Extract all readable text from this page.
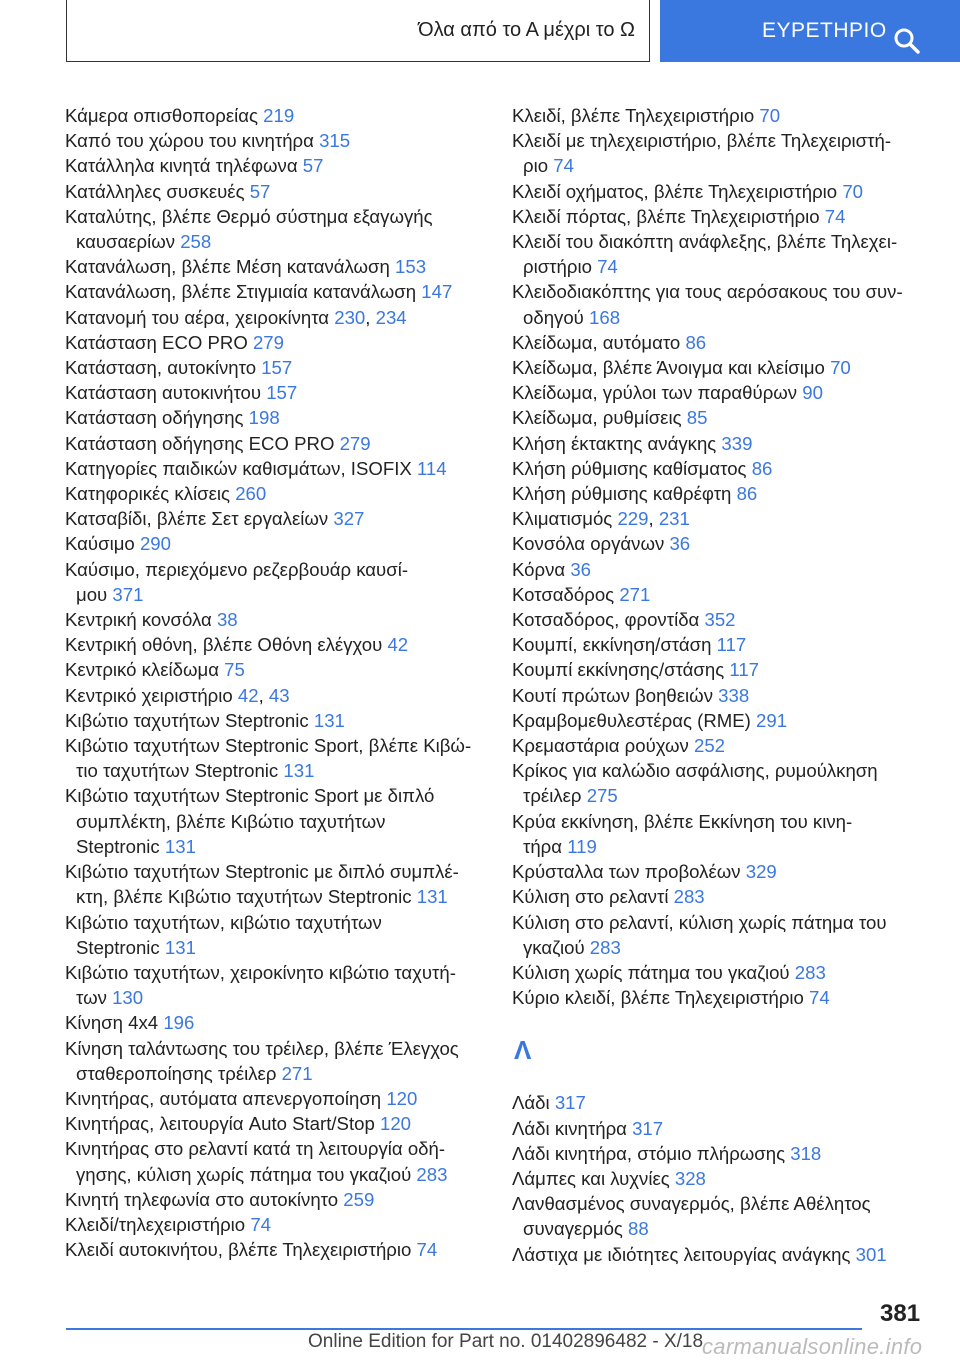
Όλα από το Α μέχρι το Ω	ΕΥΡΕΤΗΡΙΟ
Κάμερα οπισθοπορείας 219
Καπό του χώρου του κινητήρα 315
Κατάλληλα κινητά τηλέφωνα 57
Κατάλληλες συσκευές 57
Καταλύτης, βλέπε Θερμό σύστημα εξαγωγής
καυσαερίων 258
Κατανάλωση, βλέπε Μέση κατανάλωση 153
Κατανάλωση, βλέπε Στιγμιαία κατανάλωση 147
Κατανομή του αέρα, χειροκίνητα 230, 234
Κατάσταση ECO PRO 279
Κατάσταση, αυτοκίνητο 157
Κατάσταση αυτοκινήτου 157
Κατάσταση οδήγησης 198
Κατάσταση οδήγησης ECO PRO 279
Κατηγορίες παιδικών καθισμάτων, ISOFIX 114
Κατηφορικές κλίσεις 260
Κατσαβίδι, βλέπε Σετ εργαλείων 327
Καύσιμο 290
Καύσιμο, περιεχόμενο ρεζερβουάρ καυσί-
μου 371
Κεντρική κονσόλα 38
Κεντρική οθόνη, βλέπε Οθόνη ελέγχου 42
Κεντρικό κλείδωμα 75
Κεντρικό χειριστήριο 42, 43
Κιβώτιο ταχυτήτων Steptronic 131
Κιβώτιο ταχυτήτων Steptronic Sport, βλέπε Κιβώ-
τιο ταχυτήτων Steptronic 131
Κιβώτιο ταχυτήτων Steptronic Sport με διπλό
συμπλέκτη, βλέπε Κιβώτιο ταχυτήτων
Steptronic 131
Κιβώτιο ταχυτήτων Steptronic με διπλό συμπλέ-
κτη, βλέπε Κιβώτιο ταχυτήτων Steptronic 131
Κιβώτιο ταχυτήτων, κιβώτιο ταχυτήτων
Steptronic 131
Κιβώτιο ταχυτήτων, χειροκίνητο κιβώτιο ταχυτή-
των 130
Κίνηση 4x4 196
Κίνηση ταλάντωσης του τρέιλερ, βλέπε Έλεγχος
σταθεροποίησης τρέιλερ 271
Κινητήρας, αυτόματα απενεργοποίηση 120
Κινητήρας, λειτουργία Auto Start/Stop 120
Κινητήρας στο ρελαντί κατά τη λειτουργία οδή-
γησης, κύλιση χωρίς πάτημα του γκαζιού 283
Κινητή τηλεφωνία στο αυτοκίνητο 259
Κλειδί/τηλεχειριστήριο 74
Κλειδί αυτοκινήτου, βλέπε Τηλεχειριστήριο 74
Κλειδί, βλέπε Τηλεχειριστήριο 70
Κλειδί με τηλεχειριστήριο, βλέπε Τηλεχειριστή-
ριο 74
Κλειδί οχήματος, βλέπε Τηλεχειριστήριο 70
Κλειδί πόρτας, βλέπε Τηλεχειριστήριο 74
Κλειδί του διακόπτη ανάφλεξης, βλέπε Τηλεχει-
ριστήριο 74
Κλειδοδιακόπτης για τους αερόσακους του συν-
οδηγού 168
Κλείδωμα, αυτόματο 86
Κλείδωμα, βλέπε Άνοιγμα και κλείσιμο 70
Κλείδωμα, γρύλοι των παραθύρων 90
Κλείδωμα, ρυθμίσεις 85
Κλήση έκτακτης ανάγκης 339
Κλήση ρύθμισης καθίσματος 86
Κλήση ρύθμισης καθρέφτη 86
Κλιματισμός 229, 231
Κονσόλα οργάνων 36
Κόρνα 36
Κοτσαδόρος 271
Κοτσαδόρος, φροντίδα 352
Κουμπί, εκκίνηση/στάση 117
Κουμπί εκκίνησης/στάσης 117
Κουτί πρώτων βοηθειών 338
Κραμβομεθυλεστέρας (RME) 291
Κρεμαστάρια ρούχων 252
Κρίκος για καλώδιο ασφάλισης, ρυμούλκηση
τρέιλερ 275
Κρύα εκκίνηση, βλέπε Εκκίνηση του κινη-
τήρα 119
Κρύσταλλα των προβολέων 329
Κύλιση στο ρελαντί 283
Κύλιση στο ρελαντί, κύλιση χωρίς πάτημα του
γκαζιού 283
Κύλιση χωρίς πάτημα του γκαζιού 283
Κύριο κλειδί, βλέπε Τηλεχειριστήριο 74
Λ
Λάδι 317
Λάδι κινητήρα 317
Λάδι κινητήρα, στόμιο πλήρωσης 318
Λάμπες και λυχνίες 328
Λανθασμένος συναγερμός, βλέπε Αθέλητος
συναγερμός 88
Λάστιχα με ιδιότητες λειτουργίας ανάγκης 301
381
Online Edition for Part no. 01402896482 - X/18
carmanualsonline.info
